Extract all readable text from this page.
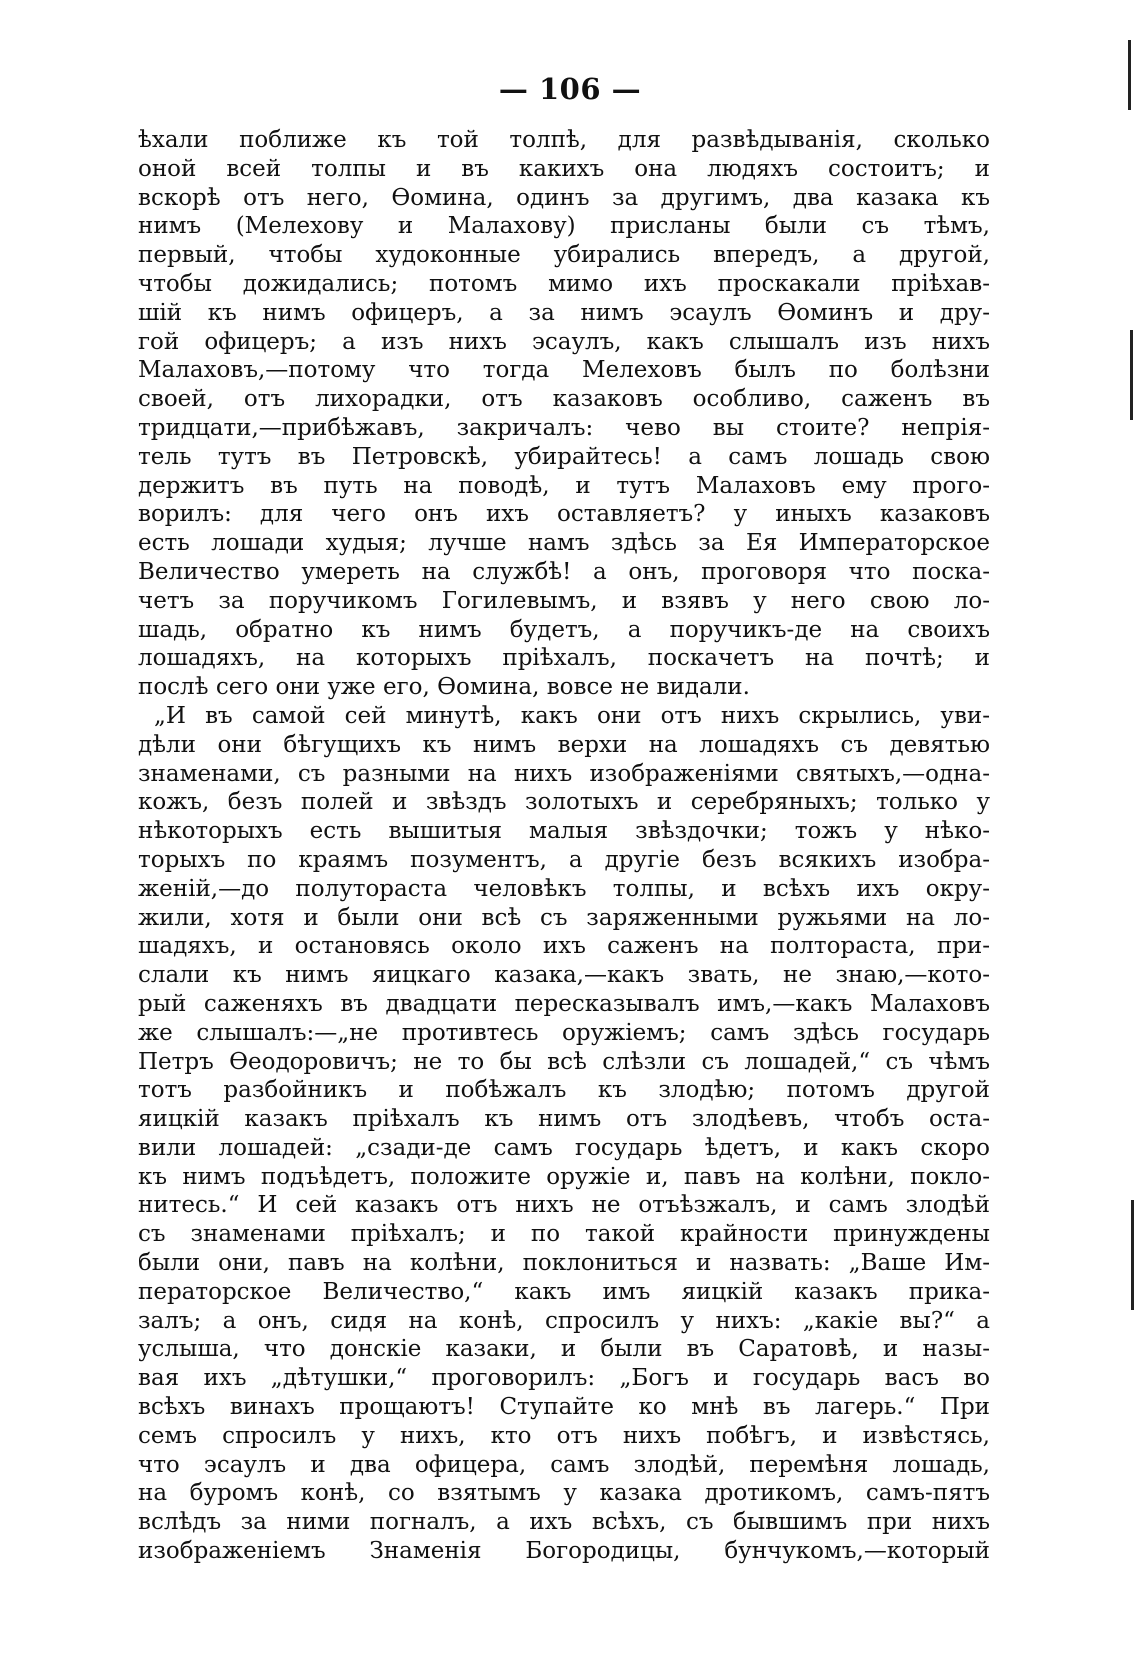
— 106 —
ѣхали поближе къ той толпѣ, для развѣдыванія, сколько
оной всей толпы и въ какихъ она людяхъ состоитъ; и
вскорѣ отъ него, Ѳомина, одинъ за другимъ, два казака къ
нимъ (Мелехову и Малахову) присланы были съ тѣмъ,
первый, чтобы худоконные убирались впередъ, а другой,
чтобы дожидались; потомъ мимо ихъ проскакали пріѣхав-
шій къ нимъ офицеръ, а за нимъ эсаулъ Ѳоминъ и дру-
гой офицеръ; а изъ нихъ эсаулъ, какъ слышалъ изъ нихъ
Малаховъ,—потому что тогда Мелеховъ былъ по болѣзни
своей, отъ лихорадки, отъ казаковъ особливо, саженъ въ
тридцати,—прибѣжавъ, закричалъ: чево вы стоите? непрія-
тель тутъ въ Петровскѣ, убирайтесь! а самъ лошадь свою
держитъ въ путь на поводѣ, и тутъ Малаховъ ему прого-
ворилъ: для чего онъ ихъ оставляетъ? у иныхъ казаковъ
есть лошади худыя; лучше намъ здѣсь за Ея Императорское
Величество умереть на службѣ! а онъ, проговоря что поска-
четъ за поручикомъ Гогилевымъ, и взявъ у него свою ло-
шадь, обратно къ нимъ будетъ, а поручикъ-де на своихъ
лошадяхъ, на которыхъ пріѣхалъ, поскачетъ на почтѣ; и
послѣ сего они уже его, Ѳомина, вовсе не видали.
„И въ самой сей минутѣ, какъ они отъ нихъ скрылись, уви-
дѣли они бѣгущихъ къ нимъ верхи на лошадяхъ съ девятью
знаменами, съ разными на нихъ изображеніями святыхъ,—одна-
кожъ, безъ полей и звѣздъ золотыхъ и серебряныхъ; только у
нѣкоторыхъ есть вышитыя малыя звѣздочки; тожъ у нѣко-
торыхъ по краямъ позументъ, а другіе безъ всякихъ изобра-
женій,—до полутораста человѣкъ толпы, и всѣхъ ихъ окру-
жили, хотя и были они всѣ съ заряженными ружьями на ло-
шадяхъ, и остановясь около ихъ саженъ на полтораста, при-
слали къ нимъ яицкаго казака,—какъ звать, не знаю,—кото-
рый саженяхъ въ двадцати пересказывалъ имъ,—какъ Малаховъ
же слышалъ:—„не противтесь оружіемъ; самъ здѣсь государь
Петръ Ѳеодоровичъ; не то бы всѣ слѣзли съ лошадей,“ съ чѣмъ
тотъ разбойникъ и побѣжалъ къ злодѣю; потомъ другой
яицкій казакъ пріѣхалъ къ нимъ отъ злодѣевъ, чтобъ оста-
вили лошадей: „сзади-де самъ государь ѣдетъ, и какъ скоро
къ нимъ подъѣдетъ, положите оружіе и, павъ на колѣни, покло-
нитесь.“ И сей казакъ отъ нихъ не отъѣзжалъ, и самъ злодѣй
съ знаменами пріѣхалъ; и по такой крайности принуждены
были они, павъ на колѣни, поклониться и назвать: „Ваше Им-
ператорское Величество,“ какъ имъ яицкій казакъ прика-
залъ; а онъ, сидя на конѣ, спросилъ у нихъ: „какіе вы?“ а
услыша, что донскіе казаки, и были въ Саратовѣ, и назы-
вая ихъ „дѣтушки,“ проговорилъ: „Богъ и государь васъ во
всѣхъ винахъ прощаютъ! Ступайте ко мнѣ въ лагерь.“ При
семъ спросилъ у нихъ, кто отъ нихъ побѣгъ, и извѣстясь,
что эсаулъ и два офицера, самъ злодѣй, перемѣня лошадь,
на буромъ конѣ, со взятымъ у казака дротикомъ, самъ-пятъ
вслѣдъ за ними погналъ, а ихъ всѣхъ, съ бывшимъ при нихъ
изображеніемъ Знаменія Богородицы, бунчукомъ,—который
